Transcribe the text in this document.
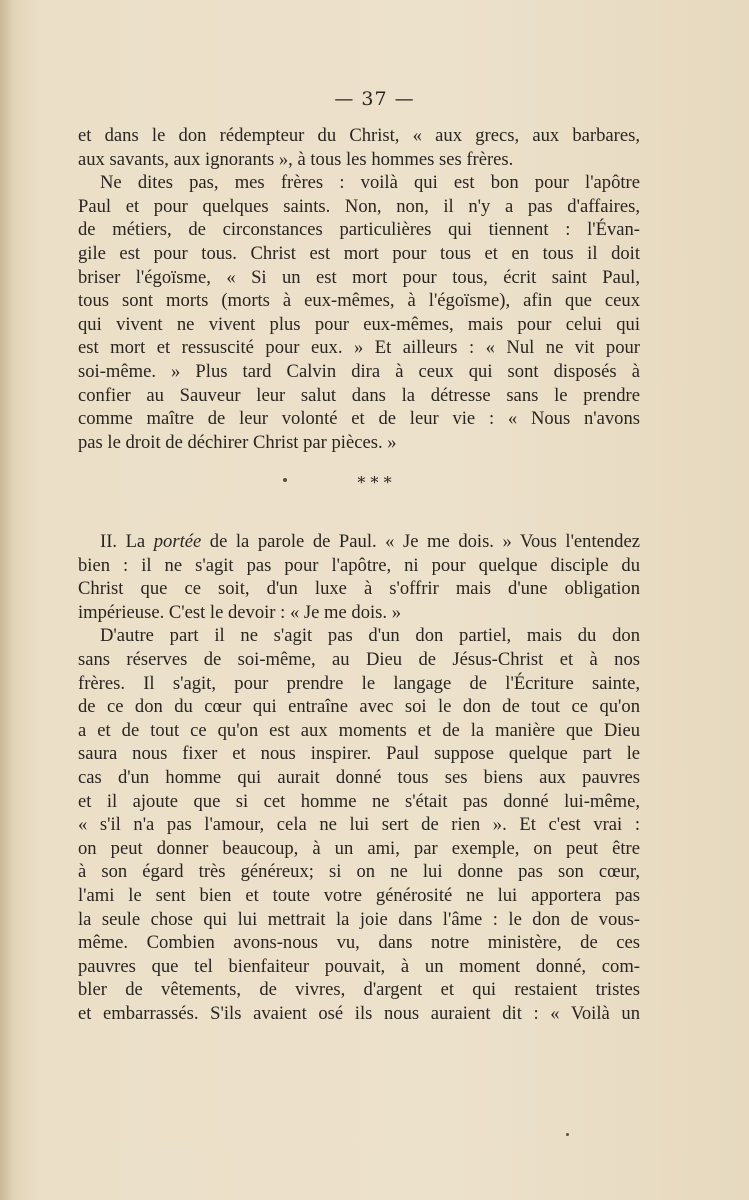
— 37 —
et dans le don rédempteur du Christ, « aux grecs, aux barbares,
aux savants, aux ignorants », à tous les hommes ses frères.
Ne dites pas, mes frères : voilà qui est bon pour l'apôtre
Paul et pour quelques saints. Non, non, il n'y a pas d'affaires,
de métiers, de circonstances particulières qui tiennent : l'Évan-
gile est pour tous. Christ est mort pour tous et en tous il doit
briser l'égoïsme, « Si un est mort pour tous, écrit saint Paul,
tous sont morts (morts à eux-mêmes, à l'égoïsme), afin que ceux
qui vivent ne vivent plus pour eux-mêmes, mais pour celui qui
est mort et ressuscité pour eux. » Et ailleurs : « Nul ne vit pour
soi-même. » Plus tard Calvin dira à ceux qui sont disposés à
confier au Sauveur leur salut dans la détresse sans le prendre
comme maître de leur volonté et de leur vie : « Nous n'avons
pas le droit de déchirer Christ par pièces. »
* * *
II. La portée de la parole de Paul. « Je me dois. » Vous l'entendez
bien : il ne s'agit pas pour l'apôtre, ni pour quelque disciple du
Christ que ce soit, d'un luxe à s'offrir mais d'une obligation
impérieuse. C'est le devoir : « Je me dois. »
D'autre part il ne s'agit pas d'un don partiel, mais du don
sans réserves de soi-même, au Dieu de Jésus-Christ et à nos
frères. Il s'agit, pour prendre le langage de l'Écriture sainte,
de ce don du cœur qui entraîne avec soi le don de tout ce qu'on
a et de tout ce qu'on est aux moments et de la manière que Dieu
saura nous fixer et nous inspirer. Paul suppose quelque part le
cas d'un homme qui aurait donné tous ses biens aux pauvres
et il ajoute que si cet homme ne s'était pas donné lui-même,
« s'il n'a pas l'amour, cela ne lui sert de rien ». Et c'est vrai :
on peut donner beaucoup, à un ami, par exemple, on peut être
à son égard très généreux; si on ne lui donne pas son cœur,
l'ami le sent bien et toute votre générosité ne lui apportera pas
la seule chose qui lui mettrait la joie dans l'âme : le don de vous-
même. Combien avons-nous vu, dans notre ministère, de ces
pauvres que tel bienfaiteur pouvait, à un moment donné, com-
bler de vêtements, de vivres, d'argent et qui restaient tristes
et embarrassés. S'ils avaient osé ils nous auraient dit : « Voilà un
